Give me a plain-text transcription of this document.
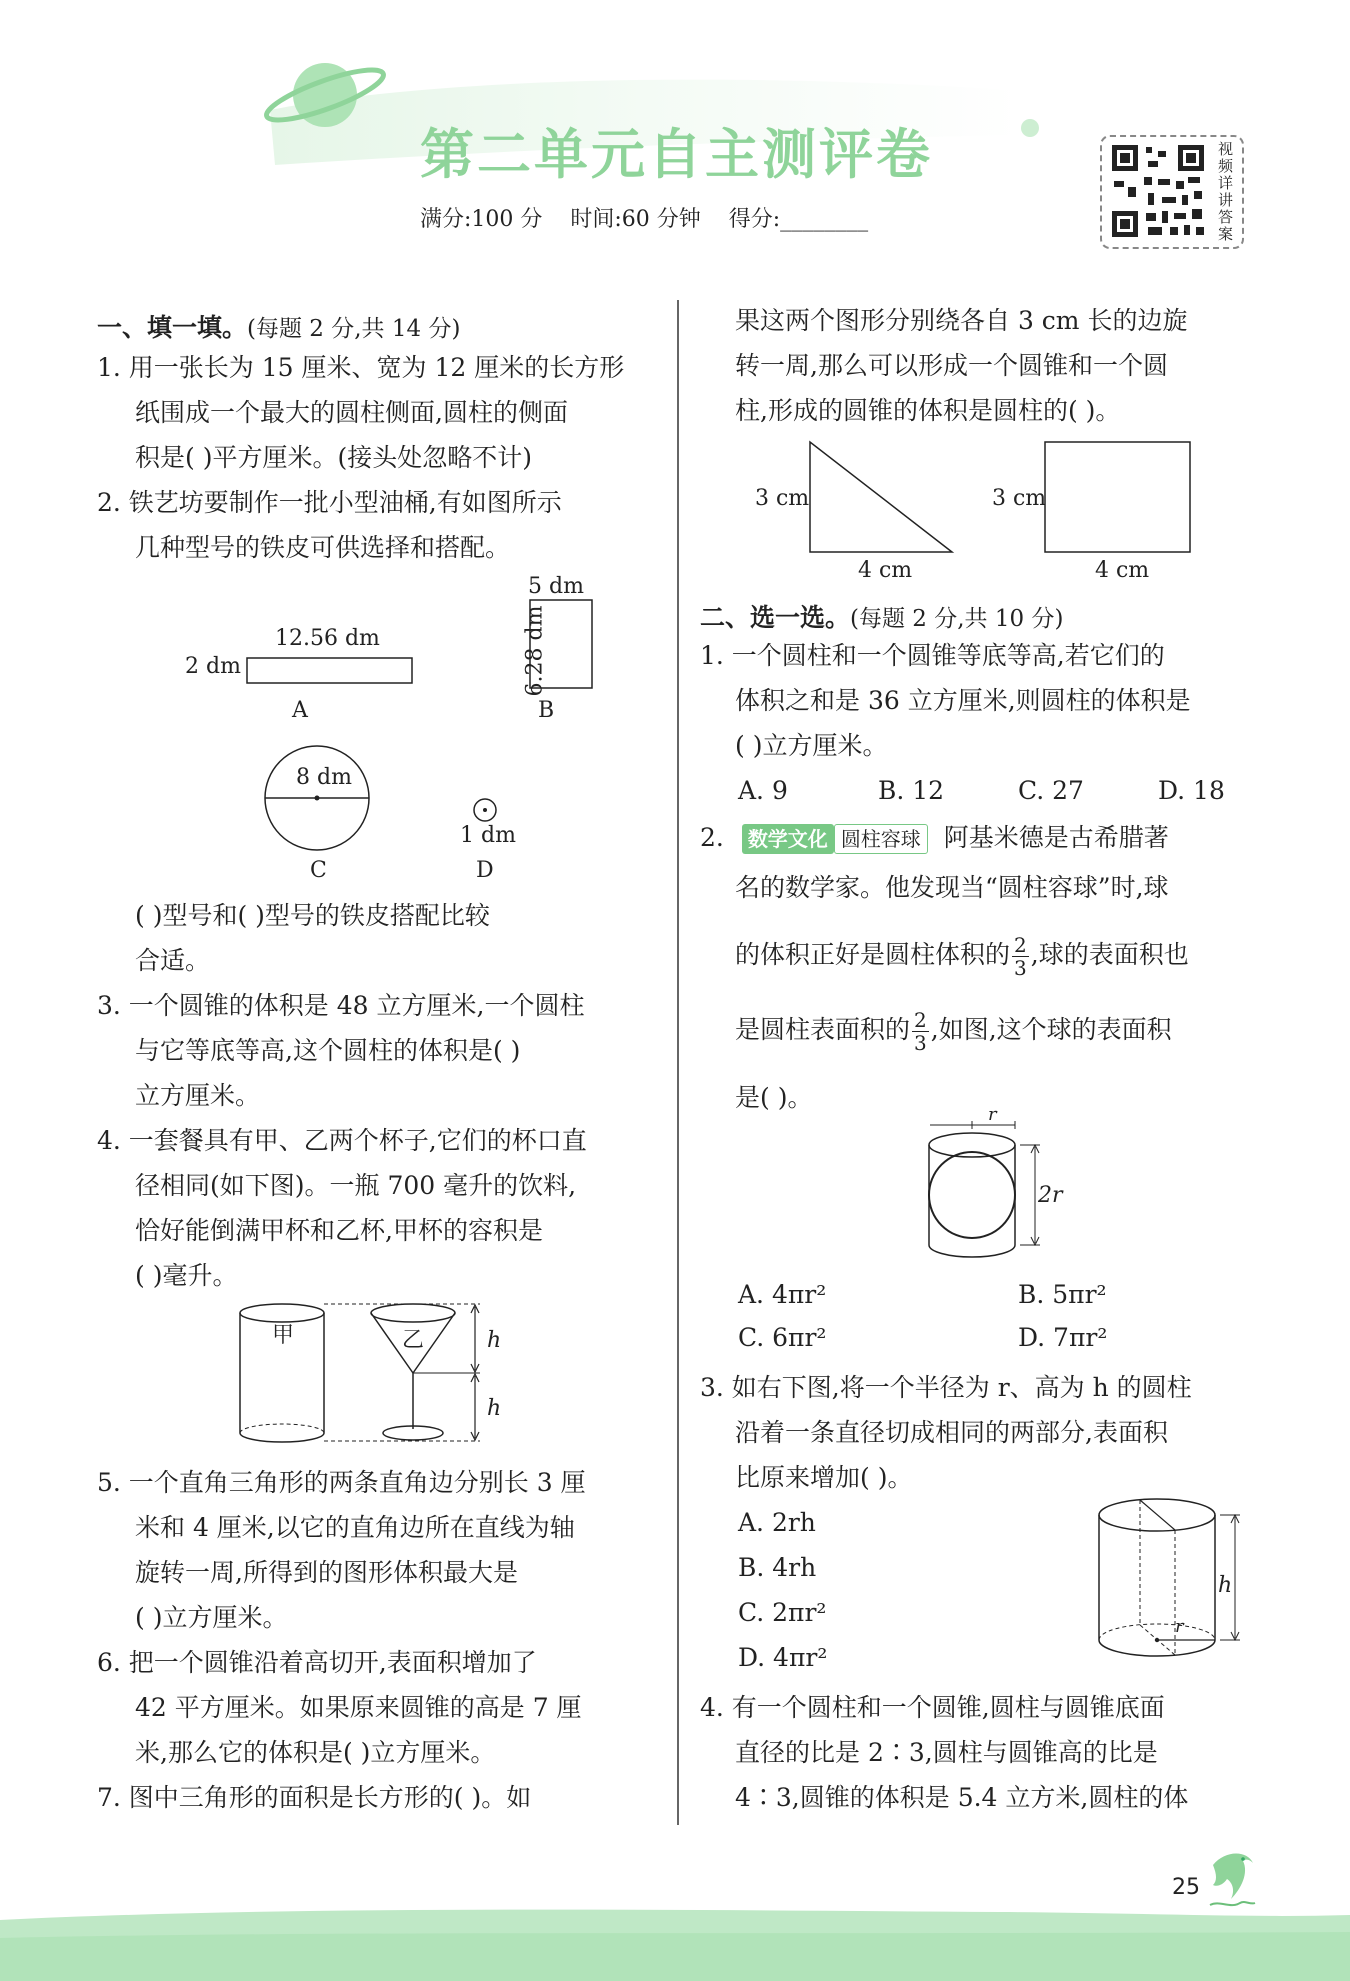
第二单元自主测评卷
满分:100 分    时间:60 分钟    得分:________
视频详讲答案
一、填一填。(每题 2 分,共 14 分)
1. 用一张长为 15 厘米、宽为 12 厘米的长方形
纸围成一个最大的圆柱侧面,圆柱的侧面
积是( )平方厘米。(接头处忽略不计)
2. 铁艺坊要制作一批小型油桶,有如图所示
几种型号的铁皮可供选择和搭配。
12.56 dm
2 dm
A
5 dm
6.28 dm
B
8 dm
C
1 dm
D
( )型号和( )型号的铁皮搭配比较
合适。
3. 一个圆锥的体积是 48 立方厘米,一个圆柱
与它等底等高,这个圆柱的体积是( )
立方厘米。
4. 一套餐具有甲、乙两个杯子,它们的杯口直
径相同(如下图)。一瓶 700 毫升的饮料,
恰好能倒满甲杯和乙杯,甲杯的容积是
( )毫升。
甲	乙	h
h
5. 一个直角三角形的两条直角边分别长 3 厘
米和 4 厘米,以它的直角边所在直线为轴
旋转一周,所得到的图形体积最大是
( )立方厘米。
6. 把一个圆锥沿着高切开,表面积增加了
42 平方厘米。如果原来圆锥的高是 7 厘
米,那么它的体积是( )立方厘米。
7. 图中三角形的面积是长方形的( )。如
果这两个图形分别绕各自 3 cm 长的边旋
转一周,那么可以形成一个圆锥和一个圆
柱,形成的圆锥的体积是圆柱的( )。
3 cm
4 cm
3 cm
4 cm
二、选一选。(每题 2 分,共 10 分)
1. 一个圆柱和一个圆锥等底等高,若它们的
体积之和是 36 立方厘米,则圆柱的体积是
( )立方厘米。
A. 9	B. 12	C. 27	D. 18
2. 数学文化 圆柱容球 阿基米德是古希腊著
名的数学家。他发现当“圆柱容球”时,球
的体积正好是圆柱体积的 $\frac{2}{3}$ ,球的表面积也
是圆柱表面积的 $\frac{2}{3}$ ,如图,这个球的表面积
是( )。
r
2r
A. 4πr²	B. 5πr²
C. 6πr²	D. 7πr²
3. 如右下图,将一个半径为 r、高为 h 的圆柱
沿着一条直径切成相同的两部分,表面积
比原来增加( )。
A. 2rh
B. 4rh
C. 2πr²
D. 4πr²
h
r
4. 有一个圆柱和一个圆锥,圆柱与圆锥底面
直径的比是 2∶3,圆柱与圆锥高的比是
4∶3,圆锥的体积是 5.4 立方米,圆柱的体
25
